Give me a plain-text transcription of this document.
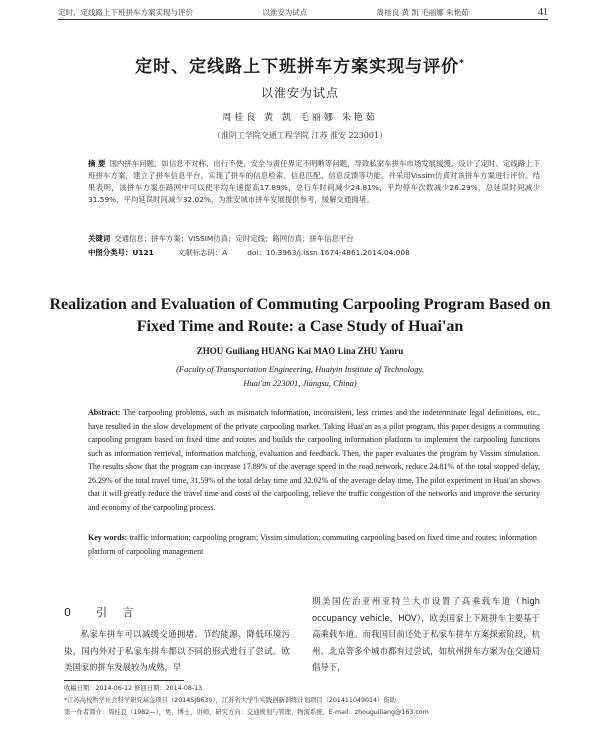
定时、定线路上下班拼车方案实现与评价	以淮安为试点	周桂良 黄 凯 毛丽娜 朱艳茹	41
定时、定线路上下班拼车方案实现与评价*
以淮安为试点
周桂良 黄 凯 毛丽娜 朱艳茹
（淮阴工学院交通工程学院 江苏 淮安 223001）

摘 要 国内拼车问题，如信息不对称、出行不便、安全与责任界定不明晰等问题，导致私家车拼车市场发展缓慢。设计了定时、定线路上下班拼车方案，建立了拼车信息平台，实现了拼车的信息检索、信息匹配、信息反馈等功能，并采用Vissim仿真对该拼车方案进行评价。结果表明，该拼车方案在路网中可以使平均车速提高17.89%，总行车时间减少24.81%，平均停车次数减少26.29%，总延误时间减少31.59%，平均延误时间减少32.02%，为淮安城市拼车发展提供参考，缓解交通拥堵。

关键词 交通信息；拼车方案；VISSIM仿真；定时定线；路网仿真；拼车信息平台
中图分类号：U121	文献标志码：A	doi：10.3963/j.issn 1674-4861.2014.04.008
Realization and Evaluation of Commuting Carpooling Program Based on Fixed Time and Route: a Case Study of Huai'an
ZHOU Guiliang HUANG Kai MAO Lina ZHU Yanru
(Faculty of Transportation Engineering, Huaiyin Institute of Technology,
Huai'an 223001, Jiangsu, China)

Abstract: The carpooling problems, such as mismatch information, inconsistent, less crimes and the indeterminate legal definitions, etc., have resulted in the slow development of the private carpooling market. Taking Huai'an as a pilot program, this paper designs a commuting carpooling program based on fixed time and routes and builds the carpooling information platform to implement the carpooling functions such as information retrieval, information matching, evaluation and feedback. Then, the paper evaluates the program by Vissim simulation. The results show that the program can increase 17.89% of the average speed in the road network, reduce 24.81% of the total stopped delay, 26.29% of the total travel time, 31.59% of the total delay time and 32.02% of the average delay time. The pilot experiment in Huai'an shows that it will greatly reduce the travel time and costs of the carpooling, relieve the traffic congestion of the networks and improve the security and economy of the carpooling process.

Key words: traffic information; carpooling program; Vissim simulation; commuting carpooling based on fixed time and routes; information platform of carpooling management
0 引 言

私家车拼车可以减缓交通拥堵、节约能源、降低环境污染，国内外对于私家车拼车都以不同的形式进行了尝试。欧美国家的拼车发展较为成熟，早

期美国佐治亚州亚特兰大市设置了高乘载车道（high occupancy vehicle，HOV），欧美国家上下班拼车主要基于高乘载车道。而我国目前还处于私家车拼车方案探索阶段，杭州、北京等多个城市都有过尝试，如杭州拼车方案为在交通局倡导下，

收稿日期：2014-06-12 修回日期：2014-08-13
*江苏高校哲学社会科学研究基金项目（2014SJB630），江苏省大学生实践创新训练计划项目（201411049014）资助
第一作者简介：周桂良（1982—），男，博士，讲师，研究方向：交通规划与管理、物流系统。E-mail：zhouguiliang@163.com
